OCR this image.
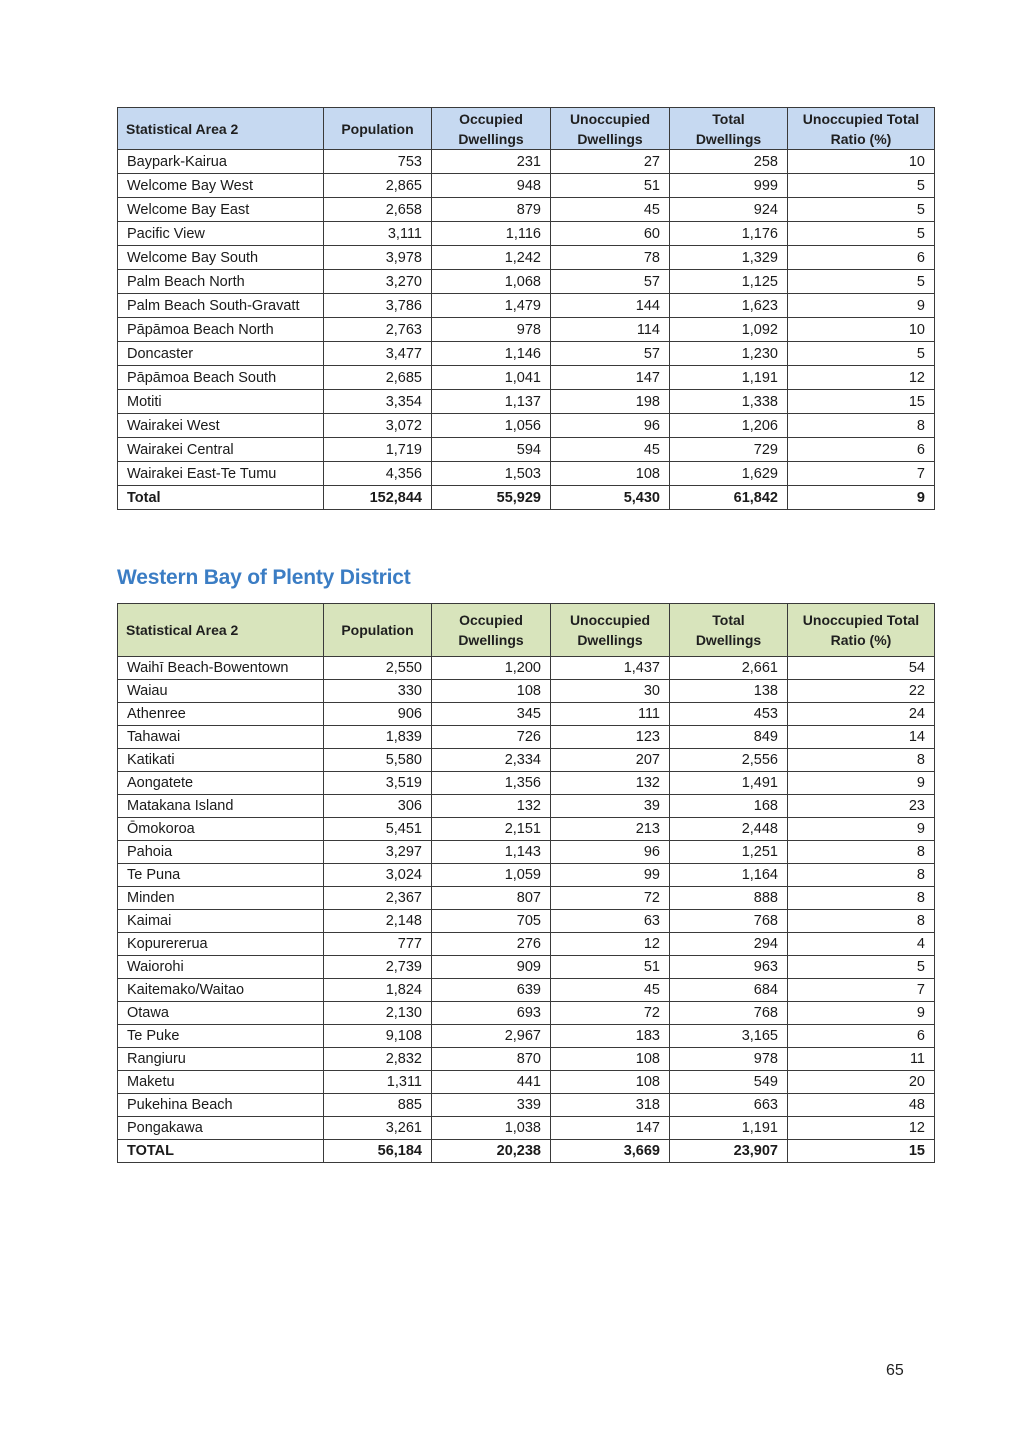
Statistical Area 2	Population	Occupied Dwellings	Unoccupied Dwellings	Total Dwellings	Unoccupied Total Ratio (%)
Baypark-Kairua	753	231	27	258	10
Welcome Bay West	2,865	948	51	999	5
Welcome Bay East	2,658	879	45	924	5
Pacific View	3,111	1,116	60	1,176	5
Welcome Bay South	3,978	1,242	78	1,329	6
Palm Beach North	3,270	1,068	57	1,125	5
Palm Beach South-Gravatt	3,786	1,479	144	1,623	9
Pāpāmoa Beach North	2,763	978	114	1,092	10
Doncaster	3,477	1,146	57	1,230	5
Pāpāmoa Beach South	2,685	1,041	147	1,191	12
Motiti	3,354	1,137	198	1,338	15
Wairakei West	3,072	1,056	96	1,206	8
Wairakei Central	1,719	594	45	729	6
Wairakei East-Te Tumu	4,356	1,503	108	1,629	7
Total	152,844	55,929	5,430	61,842	9
Western Bay of Plenty District
Statistical Area 2	Population	Occupied Dwellings	Unoccupied Dwellings	Total Dwellings	Unoccupied Total Ratio (%)
Waihī Beach-Bowentown	2,550	1,200	1,437	2,661	54
Waiau	330	108	30	138	22
Athenree	906	345	111	453	24
Tahawai	1,839	726	123	849	14
Katikati	5,580	2,334	207	2,556	8
Aongatete	3,519	1,356	132	1,491	9
Matakana Island	306	132	39	168	23
Ōmokoroa	5,451	2,151	213	2,448	9
Pahoia	3,297	1,143	96	1,251	8
Te Puna	3,024	1,059	99	1,164	8
Minden	2,367	807	72	888	8
Kaimai	2,148	705	63	768	8
Kopurererua	777	276	12	294	4
Waiorohi	2,739	909	51	963	5
Kaitemako/Waitao	1,824	639	45	684	7
Otawa	2,130	693	72	768	9
Te Puke	9,108	2,967	183	3,165	6
Rangiuru	2,832	870	108	978	11
Maketu	1,311	441	108	549	20
Pukehina Beach	885	339	318	663	48
Pongakawa	3,261	1,038	147	1,191	12
TOTAL	56,184	20,238	3,669	23,907	15
65
